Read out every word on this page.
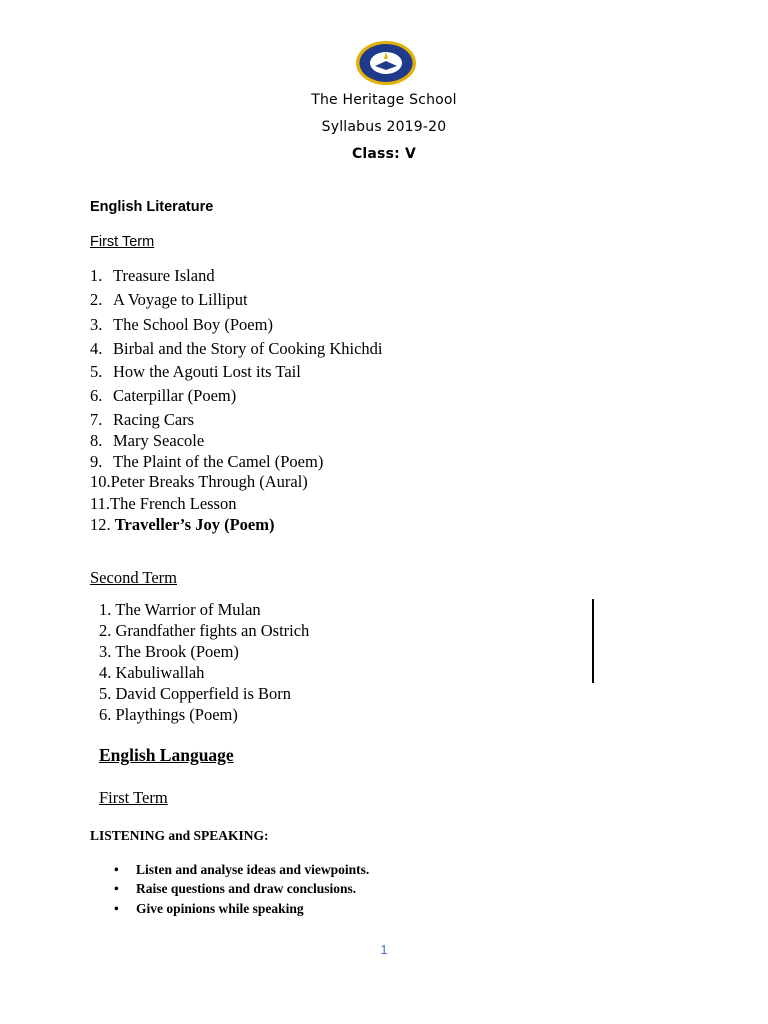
The Heritage School
Syllabus 2019-20
Class: V
English Literature
First Term
1. Treasure Island
2. A Voyage to Lilliput
3. The School Boy (Poem)
4. Birbal and the Story of Cooking Khichdi
5. How the Agouti Lost its Tail
6. Caterpillar (Poem)
7. Racing Cars
8. Mary Seacole
9. The Plaint of the Camel (Poem)
10.Peter Breaks Through (Aural)
11.The French Lesson
12. Traveller’s Joy (Poem)
Second Term
1. The Warrior of Mulan
2. Grandfather fights an Ostrich
3. The Brook (Poem)
4. Kabuliwallah
5. David Copperfield is Born
6. Playthings (Poem)
English Language
First Term
LISTENING and SPEAKING:
• Listen and analyse ideas and viewpoints.
• Raise questions and draw conclusions.
• Give opinions while speaking
1
